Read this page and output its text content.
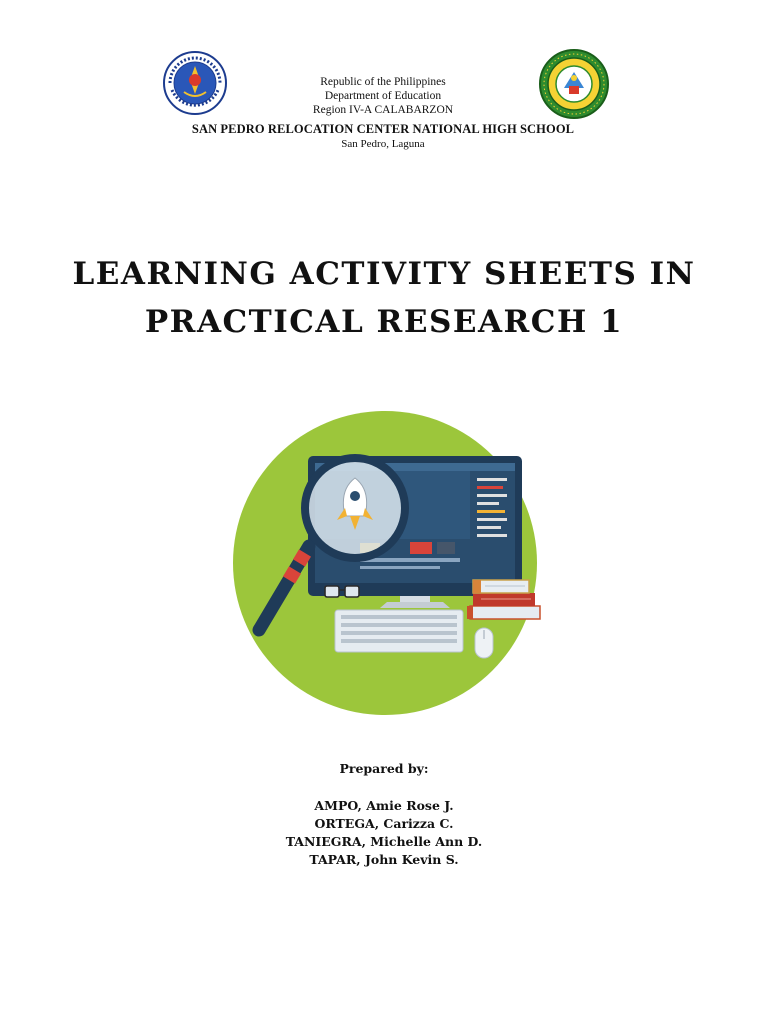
Republic of the Philippines
Department of Education
Region IV-A CALABARZON
SAN PEDRO RELOCATION CENTER NATIONAL HIGH SCHOOL
San Pedro, Laguna
LEARNING ACTIVITY SHEETS IN
PRACTICAL RESEARCH 1
Prepared by:
AMPO, Amie Rose J.
ORTEGA, Carizza C.
TANIEGRA, Michelle Ann D.
TAPAR, John Kevin S.
